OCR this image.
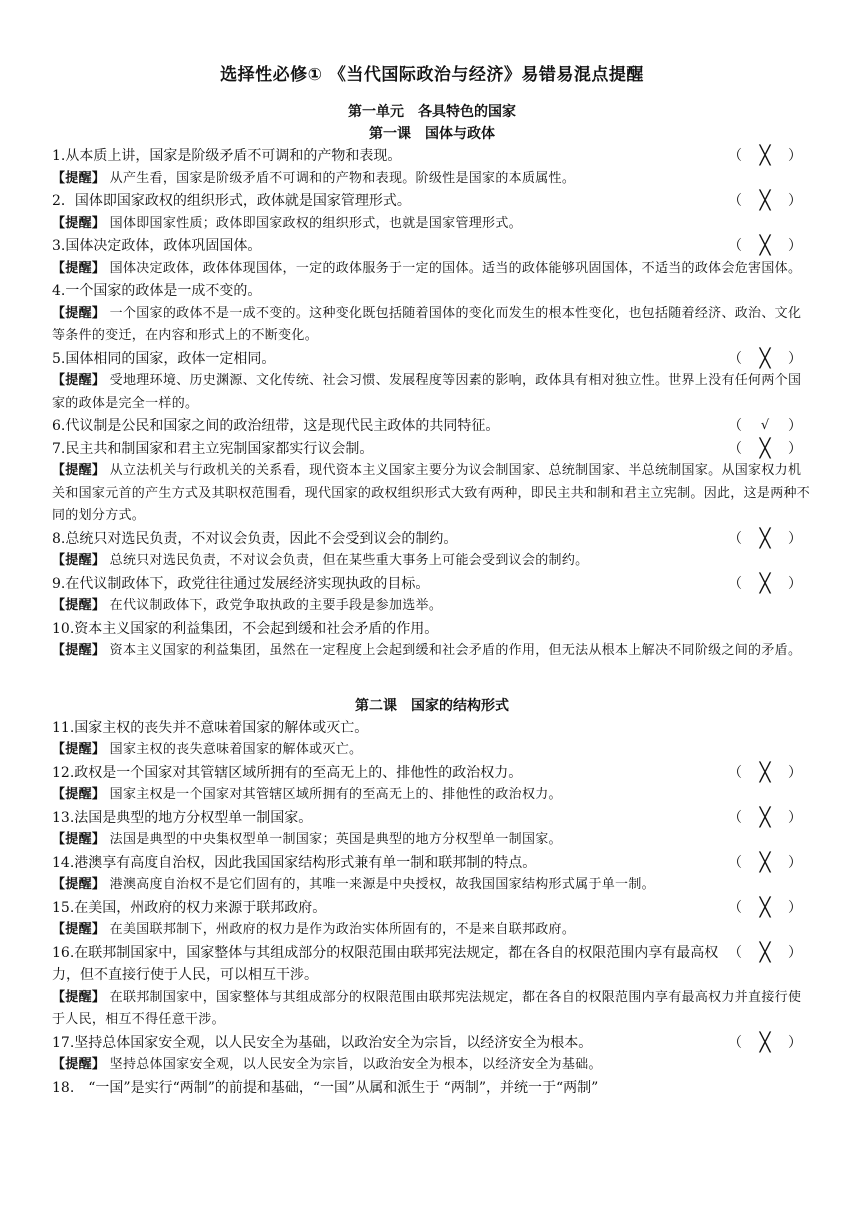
选择性必修① 《当代国际政治与经济》易错易混点提醒
第一单元　各具特色的国家
第一课　国体与政体

1.从本质上讲，国家是阶级矛盾不可调和的产物和表现。	（ ╳ ）

【提醒】 从产生看，国家是阶级矛盾不可调和的产物和表现。阶级性是国家的本质属性。

2．国体即国家政权的组织形式，政体就是国家管理形式。	（ ╳ ）

【提醒】 国体即国家性质；政体即国家政权的组织形式，也就是国家管理形式。

3.国体决定政体，政体巩固国体。	（ ╳ ）

【提醒】 国体决定政体，政体体现国体，一定的政体服务于一定的国体。适当的政体能够巩固国体，不适当的政体会危害国体。

4.一个国家的政体是一成不变的。

【提醒】 一个国家的政体不是一成不变的。这种变化既包括随着国体的变化而发生的根本性变化，也包括随着经济、政治、文化等条件的变迁，在内容和形式上的不断变化。

5.国体相同的国家，政体一定相同。	（ ╳ ）

【提醒】 受地理环境、历史渊源、文化传统、社会习惯、发展程度等因素的影响，政体具有相对独立性。世界上没有任何两个国家的政体是完全一样的。

6.代议制是公民和国家之间的政治纽带，这是现代民主政体的共同特征。	（ √ ）

7.民主共和制国家和君主立宪制国家都实行议会制。	（ ╳ ）

【提醒】 从立法机关与行政机关的关系看，现代资本主义国家主要分为议会制国家、总统制国家、半总统制国家。从国家权力机关和国家元首的产生方式及其职权范围看，现代国家的政权组织形式大致有两种，即民主共和制和君主立宪制。因此，这是两种不同的划分方式。

8.总统只对选民负责，不对议会负责，因此不会受到议会的制约。	（ ╳ ）

【提醒】 总统只对选民负责，不对议会负责，但在某些重大事务上可能会受到议会的制约。

9.在代议制政体下，政党往往通过发展经济实现执政的目标。	（ ╳ ）

【提醒】 在代议制政体下，政党争取执政的主要手段是参加选举。

10.资本主义国家的利益集团，不会起到缓和社会矛盾的作用。

【提醒】 资本主义国家的利益集团，虽然在一定程度上会起到缓和社会矛盾的作用，但无法从根本上解决不同阶级之间的矛盾。

第二课　国家的结构形式

11.国家主权的丧失并不意味着国家的解体或灭亡。

【提醒】 国家主权的丧失意味着国家的解体或灭亡。

12.政权是一个国家对其管辖区域所拥有的至高无上的、排他性的政治权力。	（ ╳ ）

【提醒】 国家主权是一个国家对其管辖区域所拥有的至高无上的、排他性的政治权力。

13.法国是典型的地方分权型单一制国家。	（ ╳ ）

【提醒】 法国是典型的中央集权型单一制国家；英国是典型的地方分权型单一制国家。

14.港澳享有高度自治权，因此我国国家结构形式兼有单一制和联邦制的特点。	（ ╳ ）

【提醒】 港澳高度自治权不是它们固有的，其唯一来源是中央授权，故我国国家结构形式属于单一制。

15.在美国，州政府的权力来源于联邦政府。	（ ╳ ）

【提醒】 在美国联邦制下，州政府的权力是作为政治实体所固有的，不是来自联邦政府。

16.在联邦制国家中，国家整体与其组成部分的权限范围由联邦宪法规定，都在各自的权限范围内享有最高权力，但不直接行使于人民，可以相互干涉。
（ ╳ ）

【提醒】 在联邦制国家中，国家整体与其组成部分的权限范围由联邦宪法规定，都在各自的权限范围内享有最高权力并直接行使于人民，相互不得任意干涉。

17.坚持总体国家安全观，以人民安全为基础，以政治安全为宗旨，以经济安全为根本。	（ ╳ ）

【提醒】 坚持总体国家安全观，以人民安全为宗旨，以政治安全为根本，以经济安全为基础。

18.　“一国”是实行“两制”的前提和基础，“一国”从属和派生于 “两制”，并统一于“两制”
